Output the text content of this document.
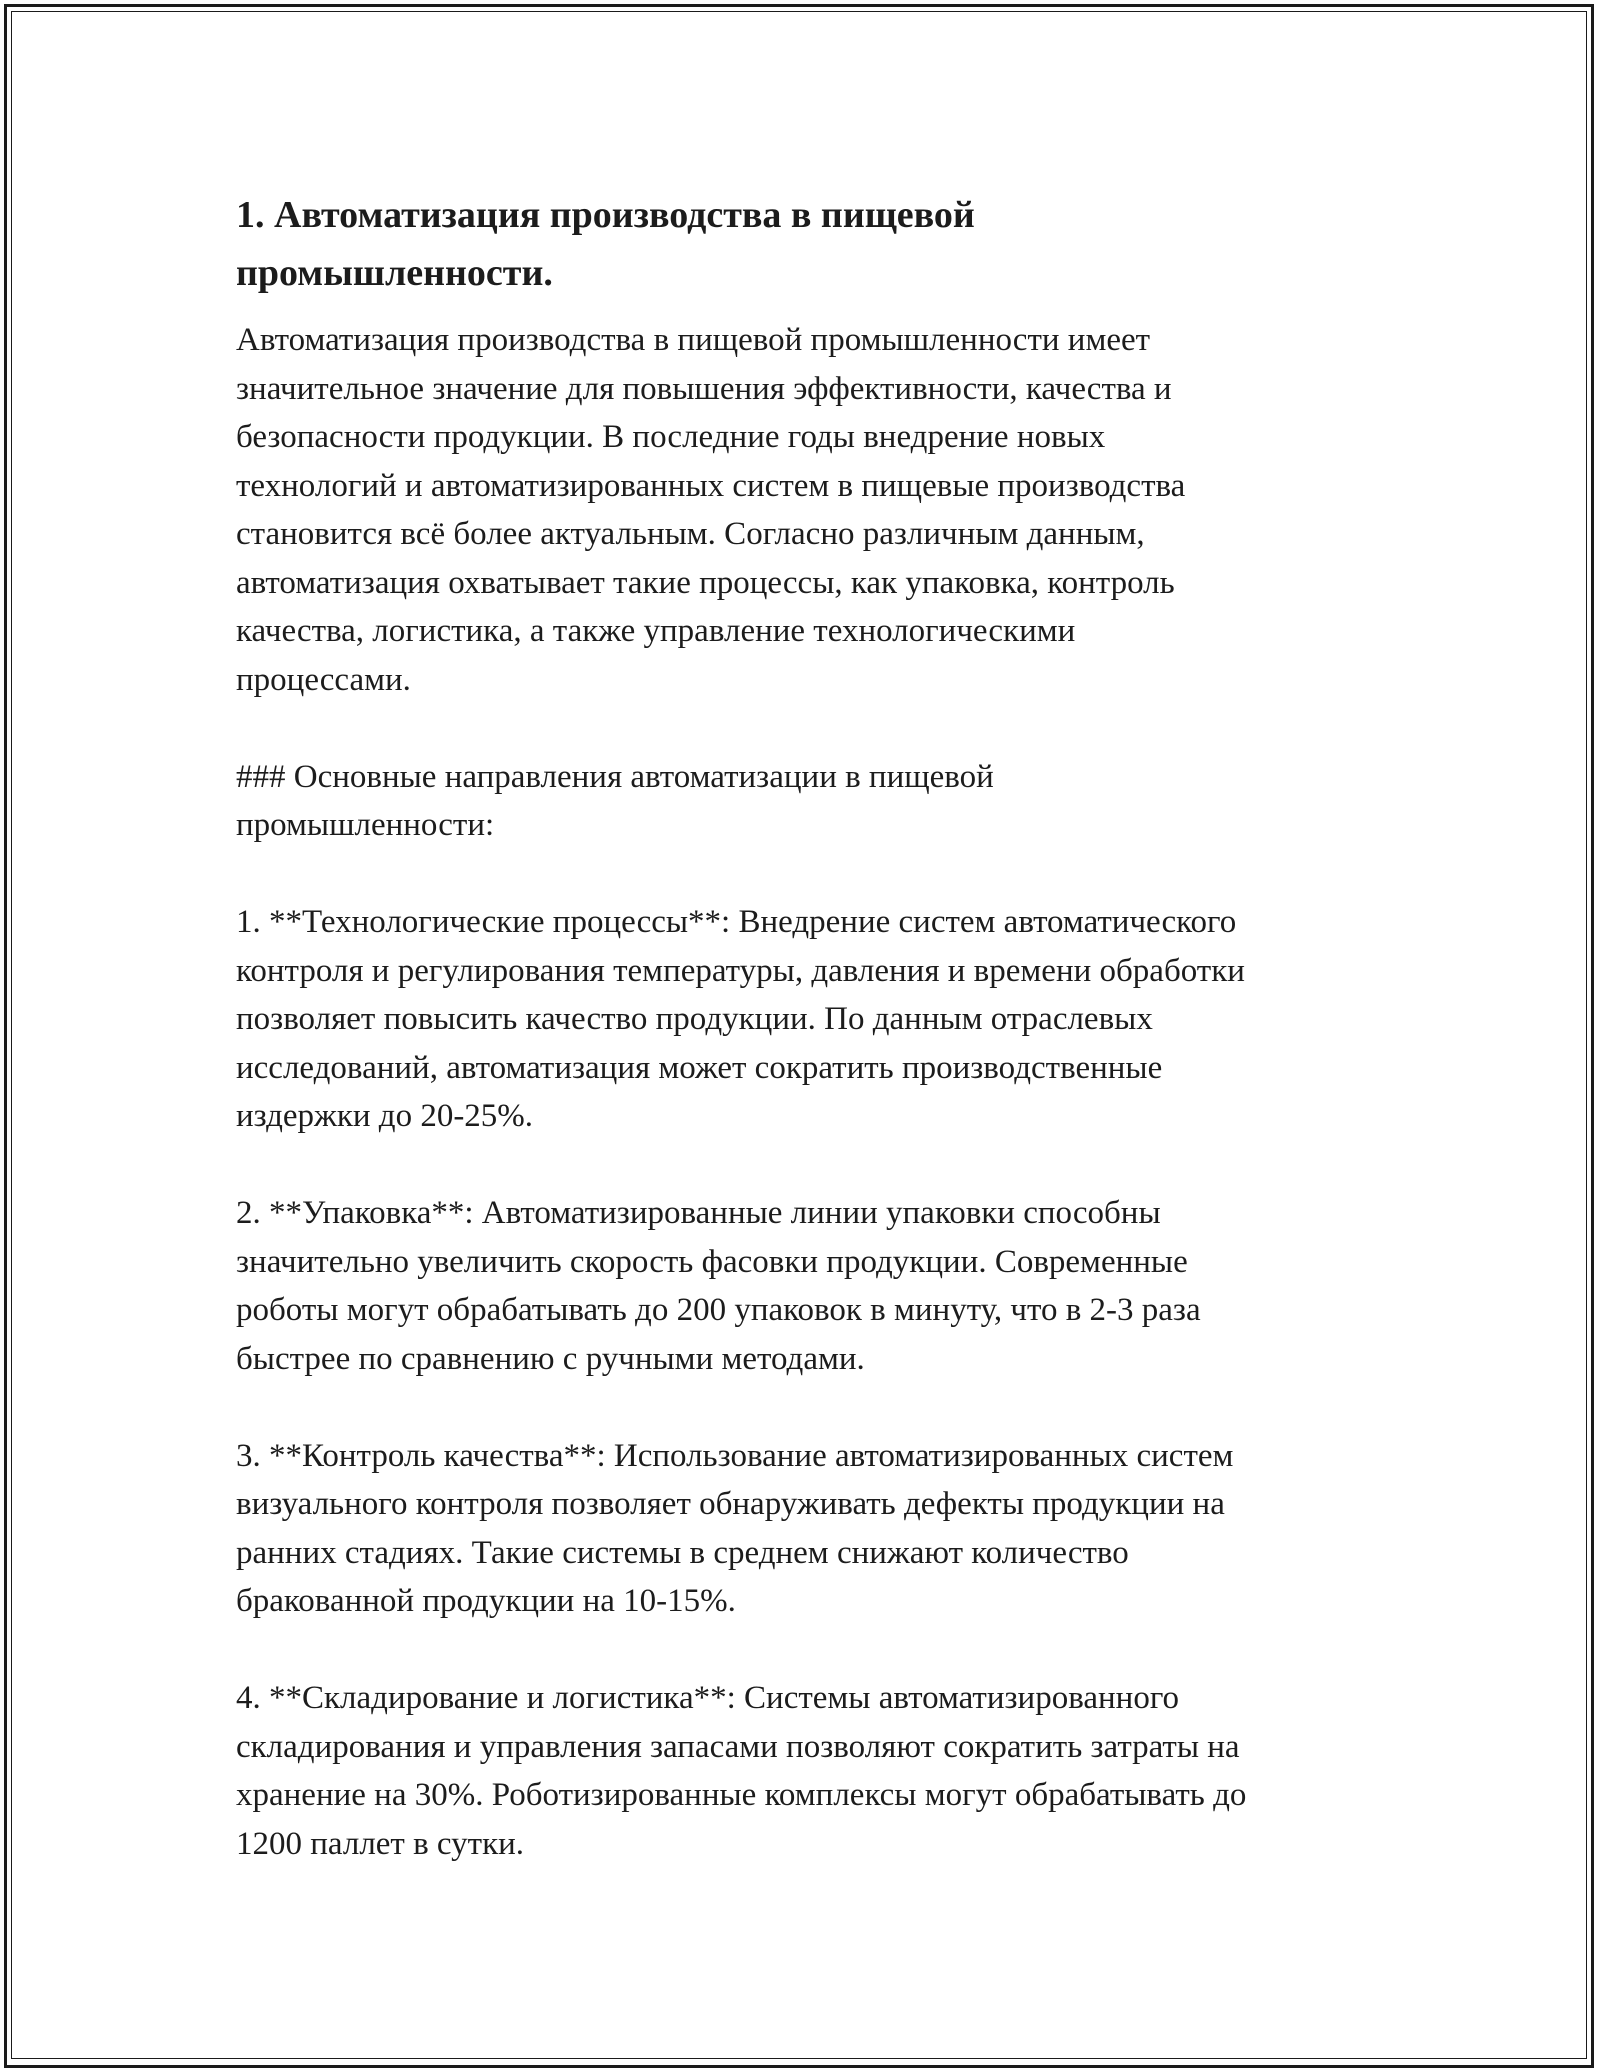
1. Автоматизация производства в пищевой промышленности.

Автоматизация производства в пищевой промышленности имеет
значительное значение для повышения эффективности, качества и
безопасности продукции. В последние годы внедрение новых
технологий и автоматизированных систем в пищевые производства
становится всё более актуальным. Согласно различным данным,
автоматизация охватывает такие процессы, как упаковка, контроль
качества, логистика, а также управление технологическими
процессами.

### Основные направления автоматизации в пищевой
промышленности:

1. **Технологические процессы**: Внедрение систем автоматического
контроля и регулирования температуры, давления и времени обработки
позволяет повысить качество продукции. По данным отраслевых
исследований, автоматизация может сократить производственные
издержки до 20-25%.

2. **Упаковка**: Автоматизированные линии упаковки способны
значительно увеличить скорость фасовки продукции. Современные
роботы могут обрабатывать до 200 упаковок в минуту, что в 2-3 раза
быстрее по сравнению с ручными методами.

3. **Контроль качества**: Использование автоматизированных систем
визуального контроля позволяет обнаруживать дефекты продукции на
ранних стадиях. Такие системы в среднем снижают количество
бракованной продукции на 10-15%.

4. **Складирование и логистика**: Системы автоматизированного
складирования и управления запасами позволяют сократить затраты на
хранение на 30%. Роботизированные комплексы могут обрабатывать до
1200 паллет в сутки.
